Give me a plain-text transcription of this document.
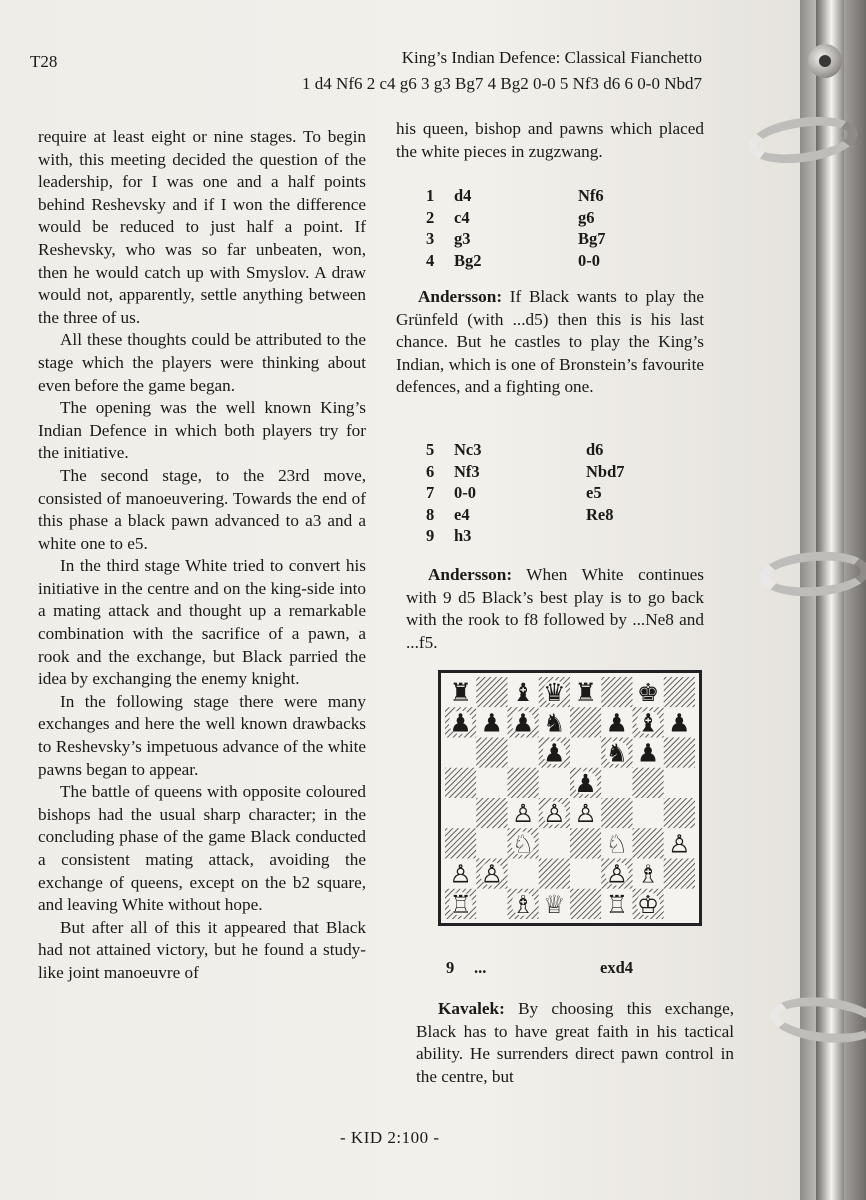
T28	King’s Indian Defence: Classical Fianchetto
1 d4 Nf6 2 c4 g6 3 g3 Bg7 4 Bg2 0-0 5 Nf3 d6 6 0-0 Nbd7

require at least eight or nine stages. To begin with, this meeting decided the question of the leadership, for I was one and a half points behind Reshevsky and if I won the difference would be reduced to just half a point. If Reshevsky, who was so far unbeaten, won, then he would catch up with Smyslov. A draw would not, apparently, settle anything between the three of us.

All these thoughts could be attributed to the stage which the players were thinking about even before the game began.

The opening was the well known King’s Indian Defence in which both players try for the initiative.

The second stage, to the 23rd move, consisted of manoeuvering. Towards the end of this phase a black pawn advanced to a3 and a white one to e5.

In the third stage White tried to convert his initiative in the centre and on the king-side into a mating attack and thought up a remarkable combination with the sacrifice of a pawn, a rook and the exchange, but Black parried the idea by exchanging the enemy knight.

In the following stage there were many exchanges and here the well known drawbacks to Reshevsky’s impetuous advance of the white pawns began to appear.

The battle of queens with opposite coloured bishops had the usual sharp character; in the concluding phase of the game Black conducted a consistent mating attack, avoiding the exchange of queens, except on the b2 square, and leaving White without hope.

But after all of this it appeared that Black had not attained victory, but he found a study-like joint manoeuvre of

his queen, bishop and pawns which placed the white pieces in zugzwang.

1 d4	Nf6
2 c4	g6
3 g3	Bg7
4 Bg2	0-0

Andersson: If Black wants to play the Grünfeld (with ...d5) then this is his last chance. But he castles to play the King’s Indian, which is one of Bronstein’s favourite defences, and a fighting one.

5 Nc3	d6
6 Nf3	Nbd7
7 0-0	e5
8 e4	Re8
9 h3

Andersson: When White continues with 9 d5 Black’s best play is to go back with the rook to f8 followed by ...Ne8 and ...f5.

♜ ♝ ♛ ♜ ♚
♟ ♟ ♟ ♞ ♟ ♝ ♟
♟ ♞ ♟
♟
♙ ♙ ♙
♘	♘ ♙
♙ ♙	♙ ♗
♖ ♗ ♕ ♖ ♔
9 ...	exd4

Kavalek: By choosing this exchange, Black has to have great faith in his tactical ability. He surrenders direct pawn control in the centre, but

- KID 2:100 -
